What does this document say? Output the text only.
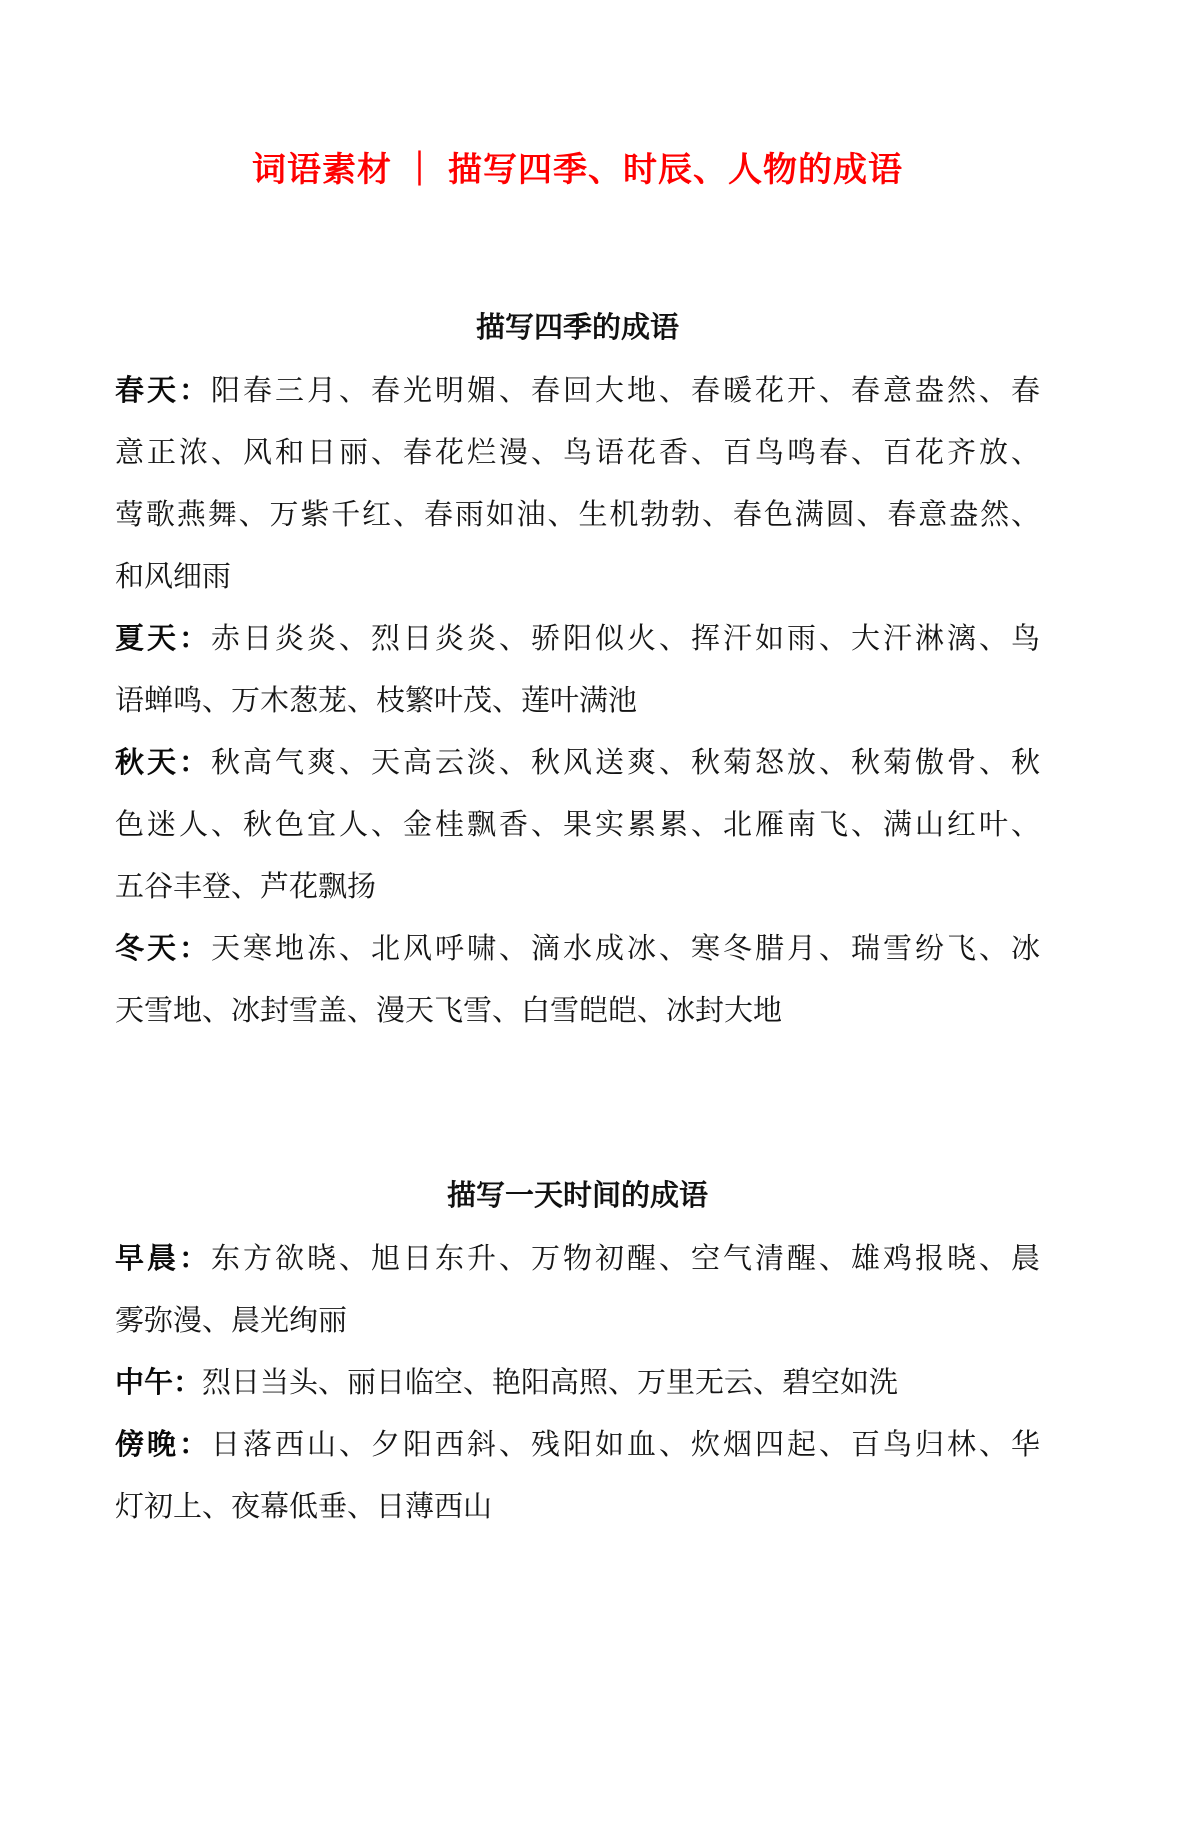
词语素材 ｜ 描写四季、时辰、人物的成语
描写四季的成语
春天：阳春三月、春光明媚、春回大地、春暖花开、春意盎然、春
意正浓、风和日丽、春花烂漫、鸟语花香、百鸟鸣春、百花齐放、
莺歌燕舞、万紫千红、春雨如油、生机勃勃、春色满圆、春意盎然、
和风细雨
夏天：赤日炎炎、烈日炎炎、骄阳似火、挥汗如雨、大汗淋漓、鸟
语蝉鸣、万木葱茏、枝繁叶茂、莲叶满池
秋天：秋高气爽、天高云淡、秋风送爽、秋菊怒放、秋菊傲骨、秋
色迷人、秋色宜人、金桂飘香、果实累累、北雁南飞、满山红叶、
五谷丰登、芦花飘扬
冬天：天寒地冻、北风呼啸、滴水成冰、寒冬腊月、瑞雪纷飞、冰
天雪地、冰封雪盖、漫天飞雪、白雪皑皑、冰封大地
描写一天时间的成语
早晨：东方欲晓、旭日东升、万物初醒、空气清醒、雄鸡报晓、晨
雾弥漫、晨光绚丽
中午：烈日当头、丽日临空、艳阳高照、万里无云、碧空如洗
傍晚：日落西山、夕阳西斜、残阳如血、炊烟四起、百鸟归林、华
灯初上、夜幕低垂、日薄西山
